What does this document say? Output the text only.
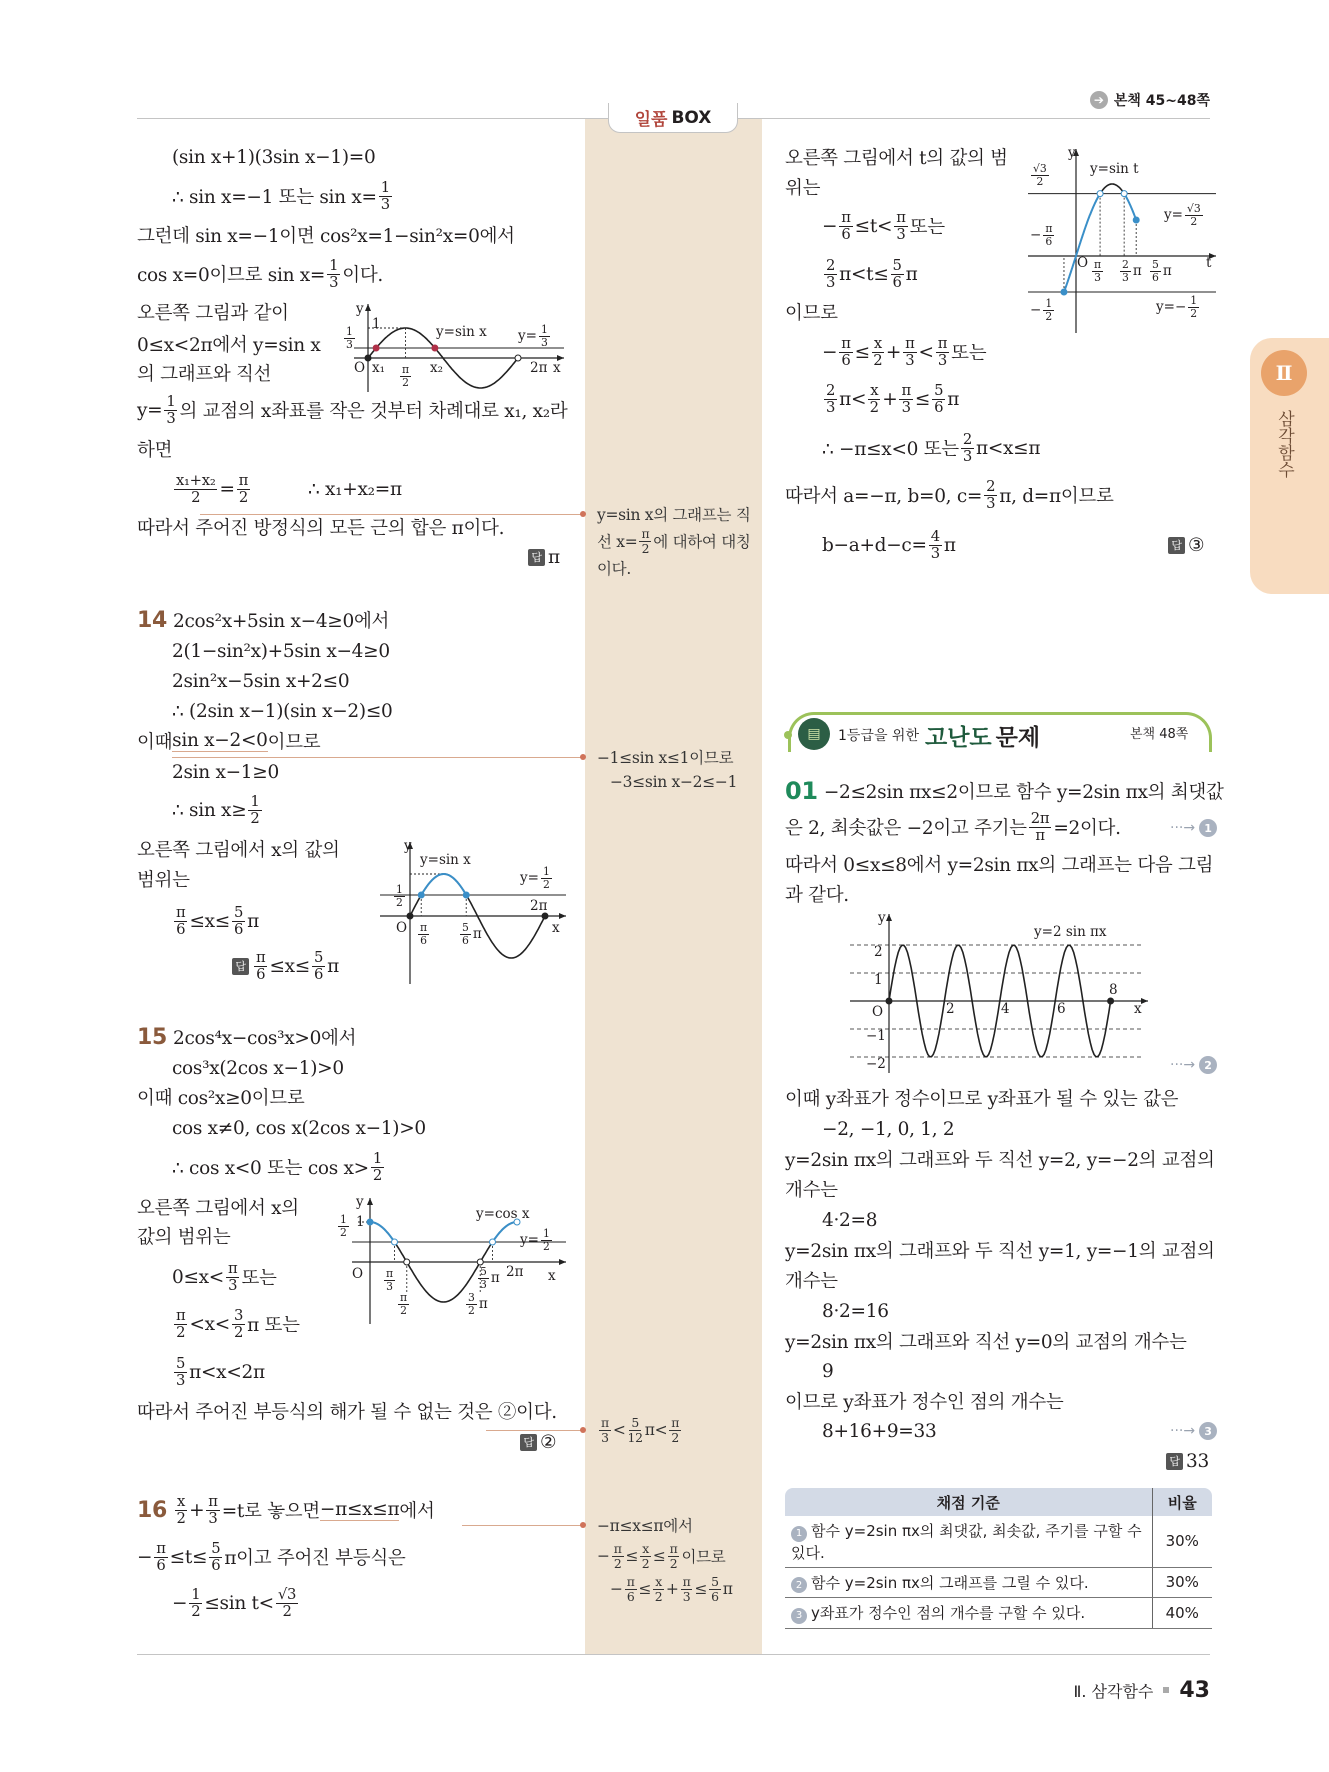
일품 BOX
➔ 본책 45~48쪽
Ⅱ
삼각함수
(sin x+1)(3sin x−1)=0
∴ sin x=−1 또는 $\sin x= \frac{1}{3}$
그런데 sin x=−1이면 cos²x=1−sin²x=0에서
cos x=0이므로 $\sin x= \frac{1}{3}$ 이다.
오른쪽 그림과 같이
0≤x<2π에서 y=sin x
의 그래프와 직선
$y= \frac{1}{3}$ 의 교점의 x좌표를 작은 것부터 차례대로 x₁, x₂라
하면
$\frac{\text{x₁+x₂}}{2} = \frac{\pi}{2}$	∴ x₁+x₂=π
따라서 주어진 방정식의 모든 근의 합은 π이다.
답 π
14 2cos²x+5sin x−4≥0에서
2(1−sin²x)+5sin x−4≥0
2sin²x−5sin x+2≤0
∴ (2sin x−1)(sin x−2)≤0
이때 sin x−2<0 이므로
2sin x−1≥0
∴ $\sin x\ge \frac{1}{2}$
오른쪽 그림에서 x의 값의
범위는
$\frac{\pi}{6} \le x\le \frac{5}{6}$ π
답 $\frac{\pi}{6} \le x\le \frac{5}{6}$ π
15 2cos⁴x−cos³x>0에서
cos³x(2cos x−1)>0
이때 cos²x≥0이므로
cos x≠0, cos x(2cos x−1)>0
∴ cos x<0 또는 $\cos x> \frac{1}{2}$
오른쪽 그림에서 x의
값의 범위는
$0\le x< \frac{\pi}{3}$ 또는
$\frac{\pi}{2} <x< \frac{3}{2}$ π 또는
$\frac{5}{3} \pi<x<2\pi$
따라서 주어진 부등식의 해가 될 수 없는 것은 ②이다.
답 ②
$16 \frac{x}{2} + \frac{\pi}{3} =t$로 놓으면 −π≤x≤π 에서
− $\frac{\pi}{6} \le t\le \frac{5}{6}$ π이고 주어진 부등식은
− $\frac{1}{2} \le\sin$ $t< \frac{√3}{2}$
y=sin x의 그래프는 직
선 $x= \frac{\pi}{2}$ 에 대하여 대칭
이다.
−1≤sin x≤1이므로
−3≤sin x−2≤−1
$\frac{\pi}{3} < \frac{5}{12} \pi< \frac{\pi}{2}$
−π≤x≤π에서
− $\frac{\pi}{2} \le \frac{x}{2} \le \frac{\pi}{2}$ 이므로
− $\frac{\pi}{6} \le \frac{x}{2} + \frac{\pi}{3} \le \frac{5}{6}$ π
오른쪽 그림에서 t의 값의 범
위는
− $\frac{\pi}{6} \le t< \frac{\pi}{3}$ 또는
$\frac{2}{3} \pi<t\le \frac{5}{6}$ π
이므로
− $\frac{\pi}{6} \le \frac{x}{2} + \frac{\pi}{3} < \frac{\pi}{3}$ 또는
$\frac{2}{3} \pi< \frac{x}{2} + \frac{\pi}{3} \le \frac{5}{6}$ π
∴ −π≤x<0 또는 $\frac{2}{3} \pi<x\le\pi$
따라서 a=−π, b=0, $c= \frac{2}{3} \pi$, d=π이므로
$b-a+d-c= \frac{4}{3}$ π	답 ③
▤	1등급을 위한 고난도 문제	본책 48쪽
01 −2≤2sin πx≤2이므로 함수 y=2sin πx의 최댓값
은 2, 최솟값은 −2이고 주기는 $\frac{2\pi}{\pi} =2$이다.
따라서 0≤x≤8에서 y=2sin πx의 그래프는 다음 그림
과 같다.
이때 y좌표가 정수이므로 y좌표가 될 수 있는 값은
−2, −1, 0, 1, 2
y=2sin πx의 그래프와 두 직선 y=2, y=−2의 교점의
개수는
4·2=8
y=2sin πx의 그래프와 두 직선 y=1, y=−1의 교점의
개수는
8·2=16
y=2sin πx의 그래프와 직선 y=0의 교점의 개수는
9
이므로 y좌표가 정수인 점의 개수는
8+16+9=33
답 33
···→ 1
···→ 2
···→ 3
y
1
$\frac{1}{3}$	y=sin x $y= \frac{1}{3}$
O $x_1 \frac{\pi}{2} x_2$	2π x
y
$\frac{1}{2}$
y=sin x
$y= \frac{1}{2}$
O $\frac{\pi}{6}$	$\frac{5}{6}$ π
2π
x
y
$\frac{1}{2} 1$	y=cos x
$y= \frac{1}{2}$
O $\frac{\pi}{3}$
$\frac{\pi}{2}$
$\frac{5}{3}$ π 2π
$\frac{3}{2}$ π
x
y
$\frac{√3}{2}$	y=sin t
$y= \frac{√3}{2}$
− $\frac{\pi}{6}$
O $\frac{\pi}{3} \frac{2}{3}$ π $\frac{5}{6}$ π	t
− $\frac{1}{2}$	$y=- \frac{1}{2}$
y
2
1
−1
−2
O	2	4	6
8
x
y=2 sin πx
채점 기준	비율
1 함수 y=2sin πx의 최댓값, 최솟값, 주기를 구할 수 있다.	30%
2 함수 y=2sin πx의 그래프를 그릴 수 있다.	30%
3 y좌표가 정수인 점의 개수를 구할 수 있다.	40%
Ⅱ. 삼각함수 43
